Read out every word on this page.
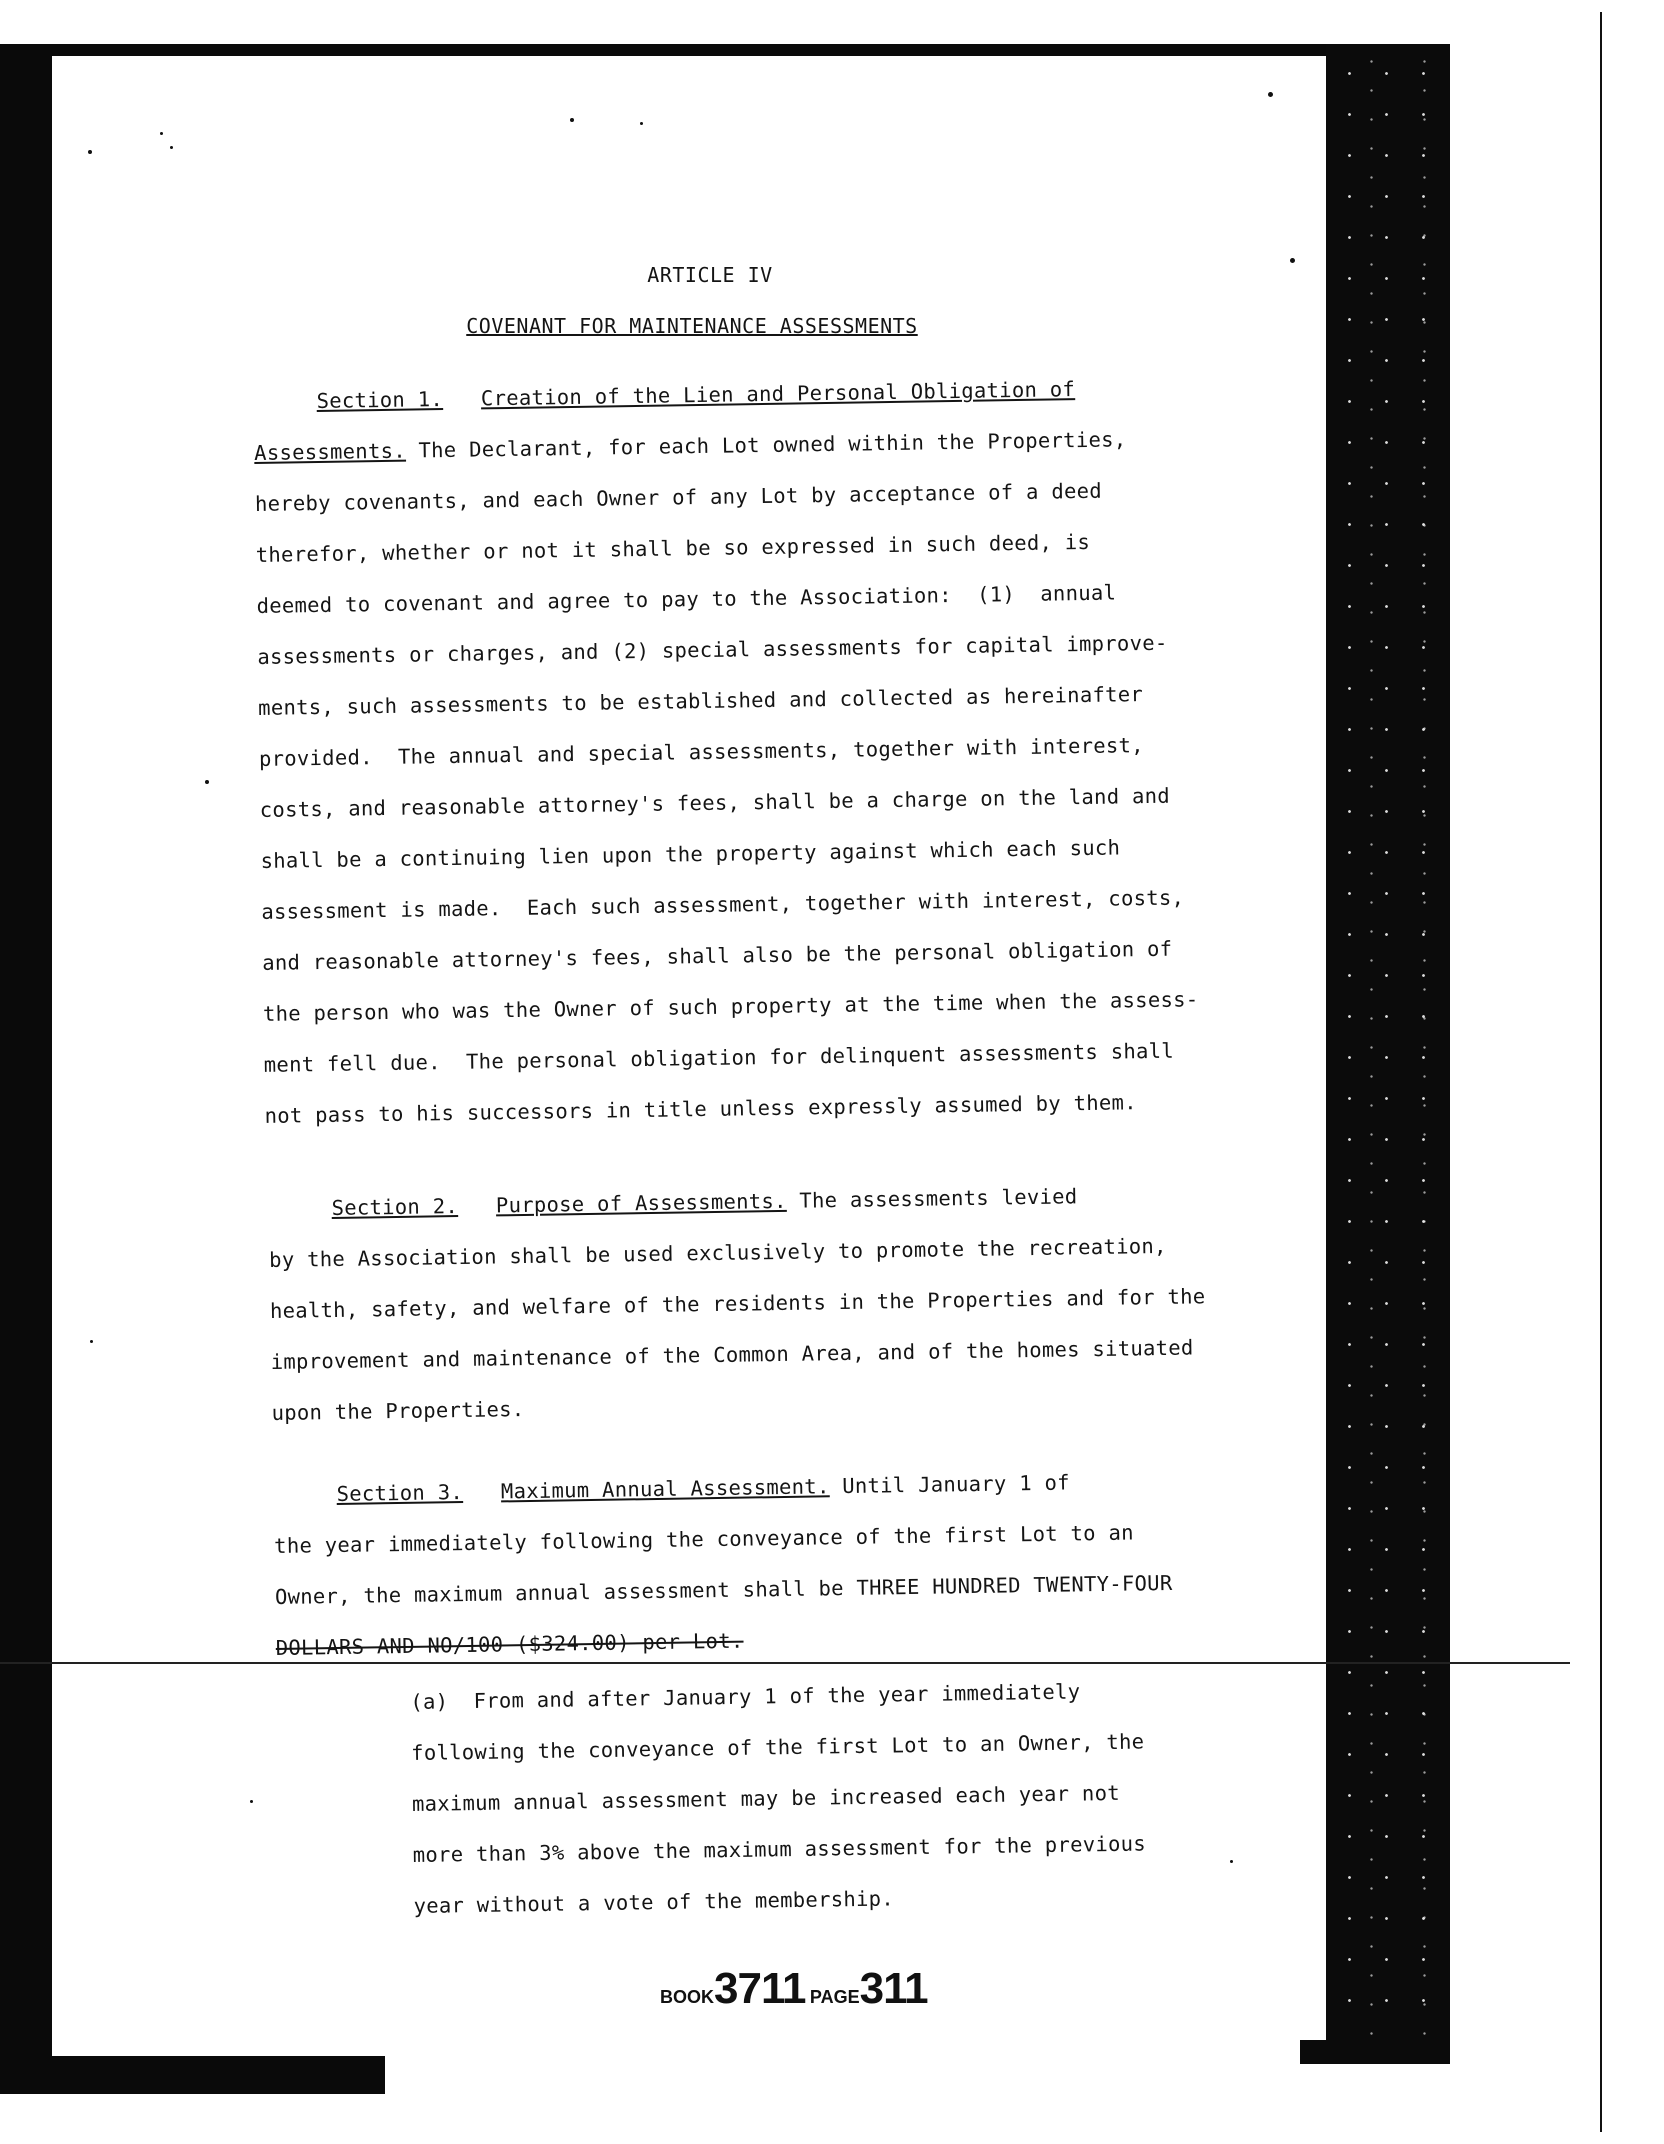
ARTICLE IV
COVENANT FOR MAINTENANCE ASSESSMENTS
Section 1. Creation of the Lien and Personal Obligation of
Assessments. The Declarant, for each Lot owned within the Properties,
hereby covenants, and each Owner of any Lot by acceptance of a deed
therefor, whether or not it shall be so expressed in such deed, is
deemed to covenant and agree to pay to the Association:  (1)  annual
assessments or charges, and (2) special assessments for capital improve-
ments, such assessments to be established and collected as hereinafter
provided.  The annual and special assessments, together with interest,
costs, and reasonable attorney's fees, shall be a charge on the land and
shall be a continuing lien upon the property against which each such
assessment is made.  Each such assessment, together with interest, costs,
and reasonable attorney's fees, shall also be the personal obligation of
the person who was the Owner of such property at the time when the assess-
ment fell due.  The personal obligation for delinquent assessments shall
not pass to his successors in title unless expressly assumed by them.
Section 2. Purpose of Assessments. The assessments levied
by the Association shall be used exclusively to promote the recreation,
health, safety, and welfare of the residents in the Properties and for the
improvement and maintenance of the Common Area, and of the homes situated
upon the Properties.
Section 3. Maximum Annual Assessment. Until January 1 of
the year immediately following the conveyance of the first Lot to an
Owner, the maximum annual assessment shall be THREE HUNDRED TWENTY-FOUR
DOLLARS AND NO/100 ($324.00) per Lot.
(a)  From and after January 1 of the year immediately
following the conveyance of the first Lot to an Owner, the
maximum annual assessment may be increased each year not
more than 3% above the maximum assessment for the previous
year without a vote of the membership.
BOOK3711 PAGE311
